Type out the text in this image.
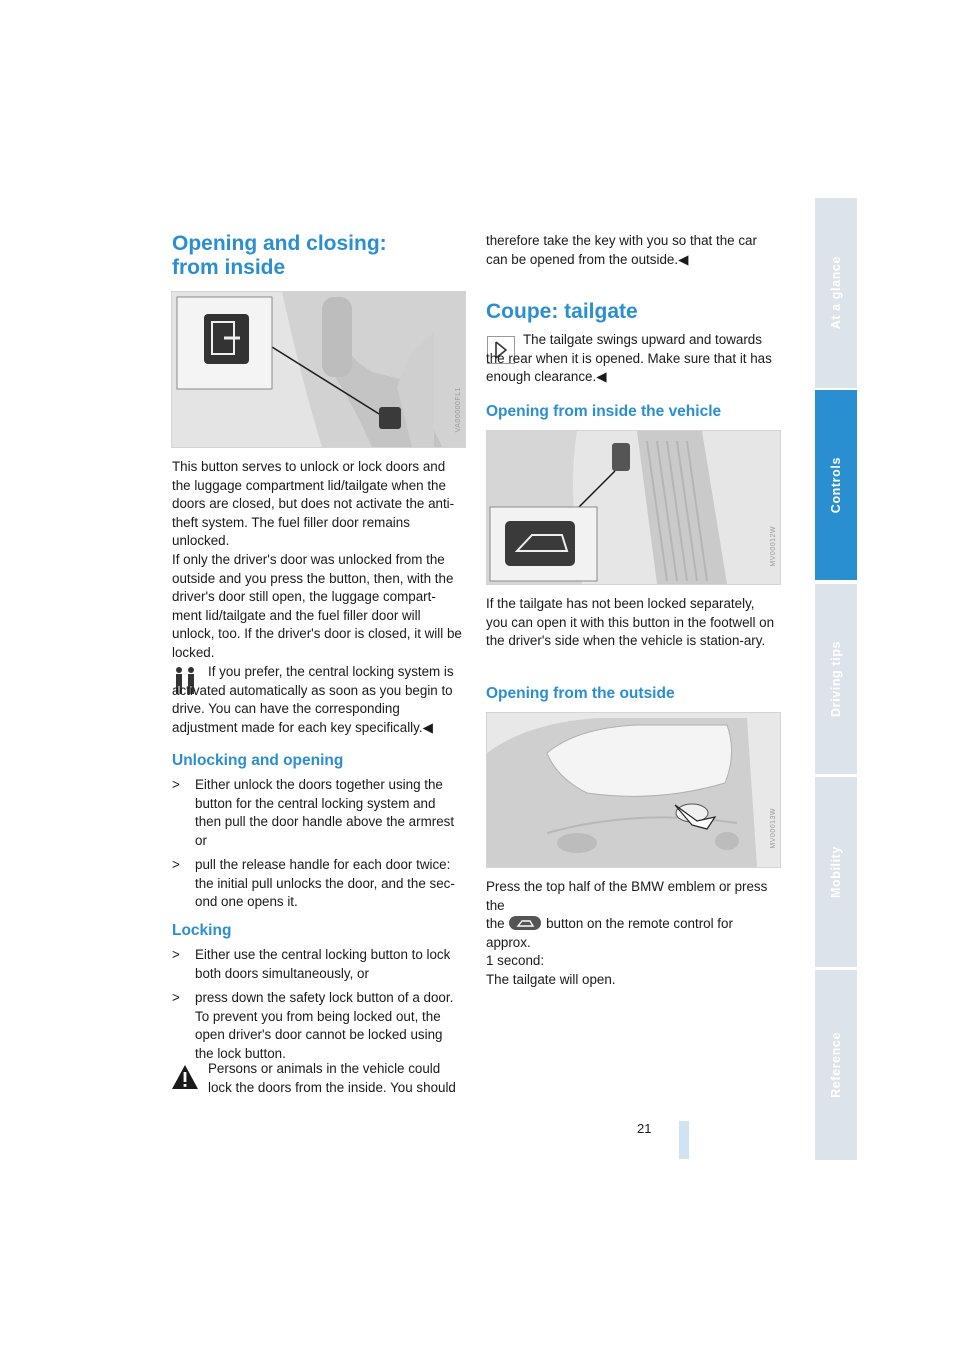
At a glance
Controls
Driving tips
Mobility
Reference
Opening and closing:
from inside
VA00000FL1

This button serves to unlock or lock doors and the luggage compartment lid/tailgate when the doors are closed, but does not activate the anti-theft system. The fuel filler door remains unlocked.

If only the driver's door was unlocked from the outside and you press the button, then, with the driver's door still open, the luggage compart-ment lid/tailgate and the fuel filler door will unlock, too. If the driver's door is closed, it will be locked.

If you prefer, the central locking system is activated automatically as soon as you begin to drive. You can have the corresponding adjustment made for each key specifically.◀

Unlocking and opening

> Either unlock the doors together using the button for the central locking system and then pull the door handle above the armrest or

> pull the release handle for each door twice: the initial pull unlocks the door, and the sec-ond one opens it.

Locking

> Either use the central locking button to lock both doors simultaneously, or

> press down the safety lock button of a door. To prevent you from being locked out, the open driver's door cannot be locked using the lock button.

Persons or animals in the vehicle could lock the doors from the inside. You should

therefore take the key with you so that the car can be opened from the outside.◀

Coupe: tailgate

The tailgate swings upward and towards the rear when it is opened. Make sure that it has enough clearance.◀

Opening from inside the vehicle
MV00012W

If the tailgate has not been locked separately, you can open it with this button in the footwell on the driver's side when the vehicle is station-ary.

Opening from the outside
MV00013W

Press the top half of the BMW emblem or press the
the	button on the remote control for approx.
1 second:
The tailgate will open.

21
